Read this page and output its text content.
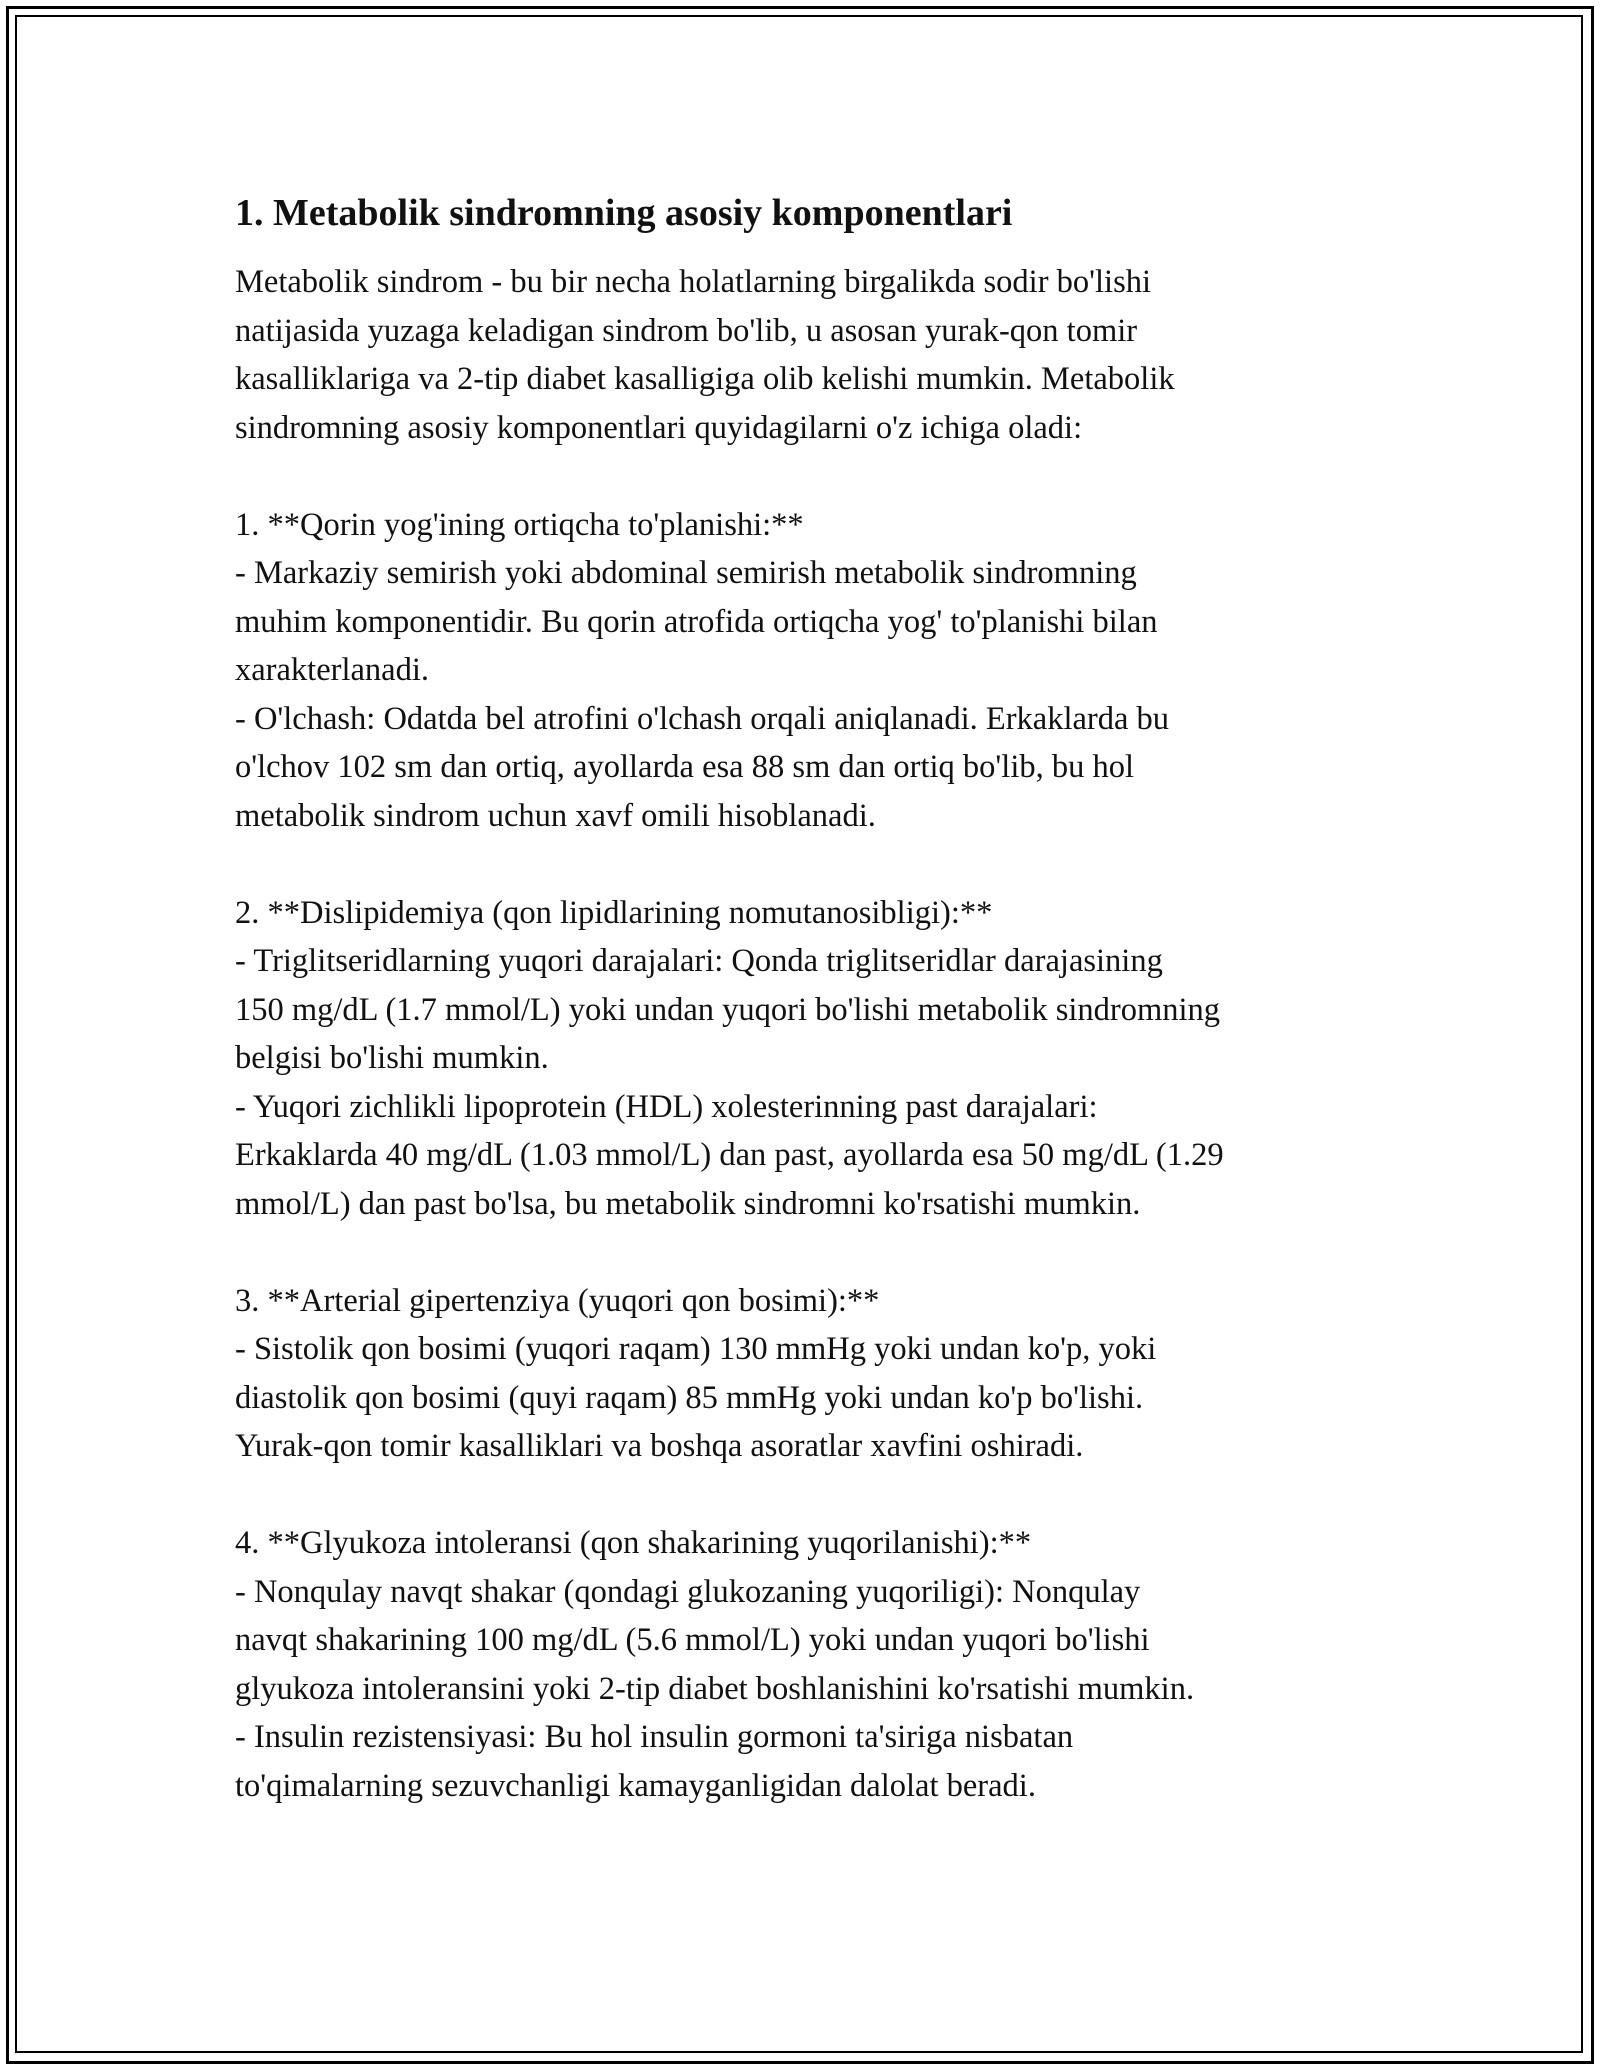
1. Metabolik sindromning asosiy komponentlari

Metabolik sindrom - bu bir necha holatlarning birgalikda sodir bo'lishi
natijasida yuzaga keladigan sindrom bo'lib, u asosan yurak-qon tomir
kasalliklariga va 2-tip diabet kasalligiga olib kelishi mumkin. Metabolik
sindromning asosiy komponentlari quyidagilarni o'z ichiga oladi:

1. **Qorin yog'ining ortiqcha to'planishi:**
- Markaziy semirish yoki abdominal semirish metabolik sindromning
muhim komponentidir. Bu qorin atrofida ortiqcha yog' to'planishi bilan
xarakterlanadi.
- O'lchash: Odatda bel atrofini o'lchash orqali aniqlanadi. Erkaklarda bu
o'lchov 102 sm dan ortiq, ayollarda esa 88 sm dan ortiq bo'lib, bu hol
metabolik sindrom uchun xavf omili hisoblanadi.

2. **Dislipidemiya (qon lipidlarining nomutanosibligi):**
- Triglitseridlarning yuqori darajalari: Qonda triglitseridlar darajasining
150 mg/dL (1.7 mmol/L) yoki undan yuqori bo'lishi metabolik sindromning
belgisi bo'lishi mumkin.
- Yuqori zichlikli lipoprotein (HDL) xolesterinning past darajalari:
Erkaklarda 40 mg/dL (1.03 mmol/L) dan past, ayollarda esa 50 mg/dL (1.29
mmol/L) dan past bo'lsa, bu metabolik sindromni ko'rsatishi mumkin.

3. **Arterial gipertenziya (yuqori qon bosimi):**
- Sistolik qon bosimi (yuqori raqam) 130 mmHg yoki undan ko'p, yoki
diastolik qon bosimi (quyi raqam) 85 mmHg yoki undan ko'p bo'lishi.
Yurak-qon tomir kasalliklari va boshqa asoratlar xavfini oshiradi.

4. **Glyukoza intoleransi (qon shakarining yuqorilanishi):**
- Nonqulay navqt shakar (qondagi glukozaning yuqoriligi): Nonqulay
navqt shakarining 100 mg/dL (5.6 mmol/L) yoki undan yuqori bo'lishi
glyukoza intoleransini yoki 2-tip diabet boshlanishini ko'rsatishi mumkin.
- Insulin rezistensiyasi: Bu hol insulin gormoni ta'siriga nisbatan
to'qimalarning sezuvchanligi kamayganligidan dalolat beradi.
